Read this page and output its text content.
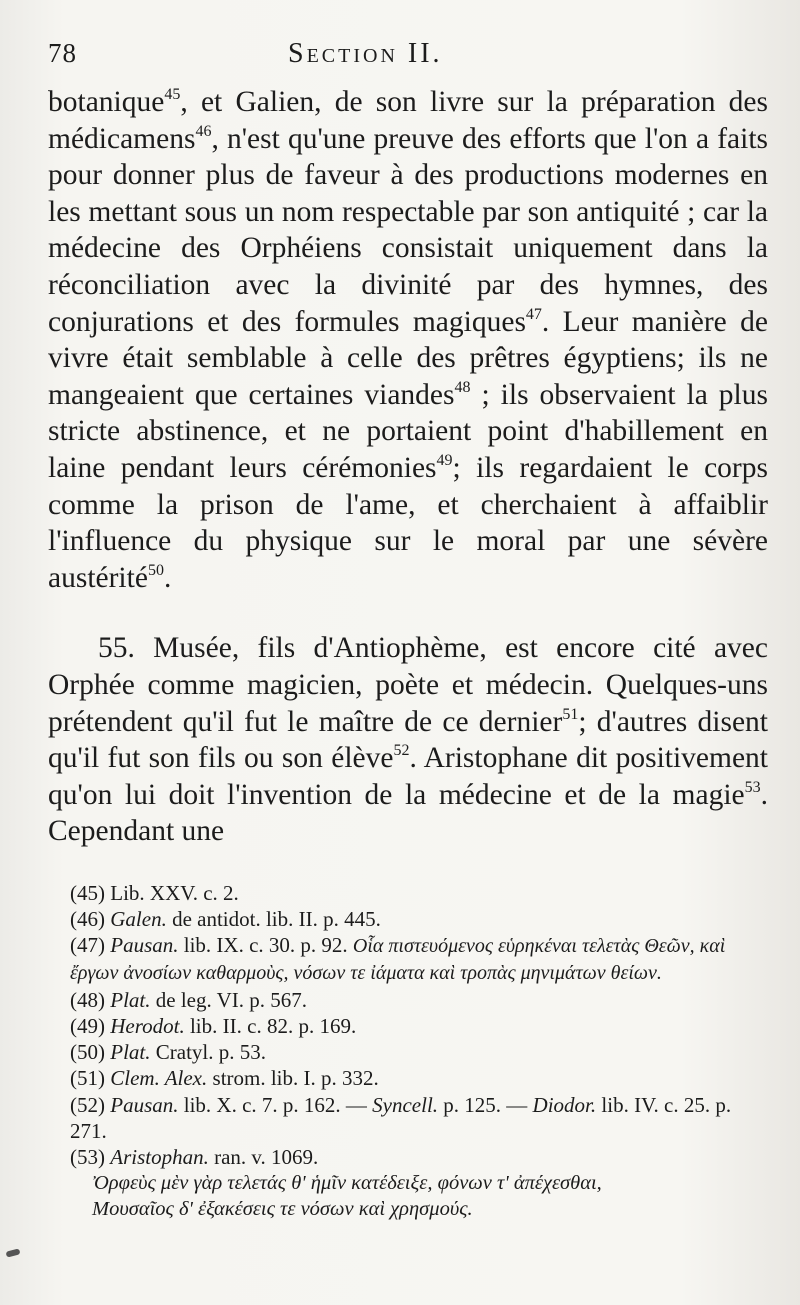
78	Section II.

botanique$^{45}$, et Galien, de son livre sur la préparation des médicamens$^{46}$, n'est qu'une preuve des efforts que l'on a faits pour donner plus de faveur à des productions modernes en les mettant sous un nom respectable par son antiquité ; car la médecine des Orphéiens consistait uniquement dans la réconciliation avec la divinité par des hymnes, des conjurations et des formules magiques$^{47}$. Leur manière de vivre était semblable à celle des prêtres égyptiens; ils ne mangeaient que certaines viandes$^{48}$ ; ils observaient la plus stricte abstinence, et ne portaient point d'habillement en laine pendant leurs cérémonies$^{49}$; ils regardaient le corps comme la prison de l'ame, et cherchaient à affaiblir l'influence du physique sur le moral par une sévère austérité$^{50}$.

55. Musée, fils d'Antiophème, est encore cité avec Orphée comme magicien, poète et médecin. Quelques-uns prétendent qu'il fut le maître de ce dernier$^{51}$; d'autres disent qu'il fut son fils ou son élève$^{52}$. Aristophane dit positivement qu'on lui doit l'invention de la médecine et de la magie$^{53}$. Cependant une

(45) Lib. XXV. c. 2.

(46) Galen. de antidot. lib. II. p. 445.

(47) Pausan. lib. IX. c. 30. p. 92. Οἷα πιστευόμενος εὑρηκέναι τελετὰς Θεῶν, καὶ ἔργων ἀνοσίων καθαρμοὺς, νόσων τε ἰάματα καὶ τροπὰς μηνιμάτων θείων.

(48) Plat. de leg. VI. p. 567.

(49) Herodot. lib. II. c. 82. p. 169.

(50) Plat. Cratyl. p. 53.

(51) Clem. Alex. strom. lib. I. p. 332.

(52) Pausan. lib. X. c. 7. p. 162. — Syncell. p. 125. — Diodor. lib. IV. c. 25. p. 271.

(53) Aristophan. ran. v. 1069.

Ὀρφεὺς μὲν γὰρ τελετάς θ' ἡμῖν κατέδειξε, φόνων τ' ἀπέχεσθαι,

Μουσαῖος δ' ἐξακέσεις τε νόσων καὶ χρησμούς.
